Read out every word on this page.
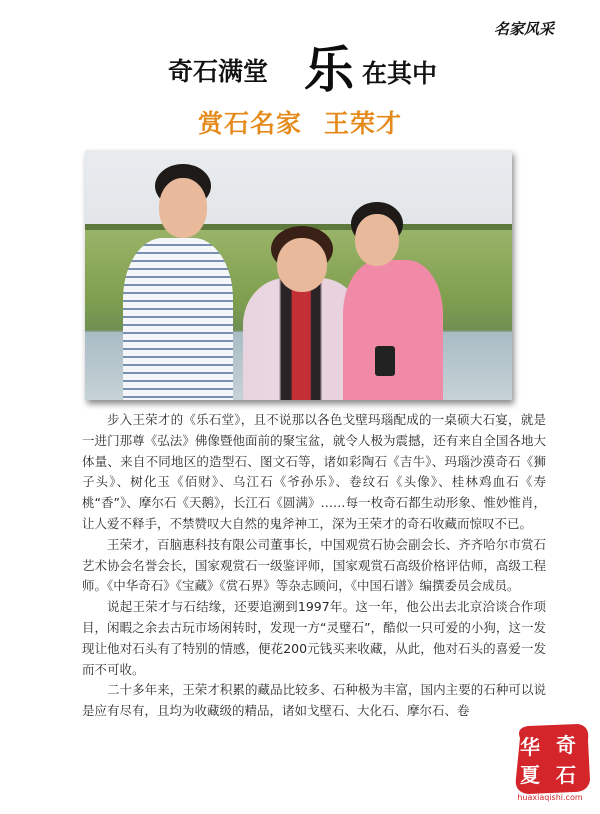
名家风采
奇石满堂 乐 在其中
赏石名家 王荣才

步入王荣才的《乐石堂》，且不说那以各色戈壁玛瑙配成的一桌硕大石宴，就是一进门那尊《弘法》佛像暨他面前的聚宝盆，就令人极为震撼，还有来自全国各地大体量、来自不同地区的造型石、图文石等，诸如彩陶石《吉牛》、玛瑙沙漠奇石《狮子头》、树化玉《佰财》、乌江石《爷孙乐》、卷纹石《头像》、桂林鸡血石《寿桃“香”》、摩尔石《天鹅》，长江石《圆满》……每一枚奇石都生动形象、惟妙惟肖，让人爱不释手，不禁赞叹大自然的鬼斧神工，深为王荣才的奇石收藏而惊叹不已。

王荣才，百脑惠科技有限公司董事长，中国观赏石协会副会长、齐齐哈尔市赏石艺术协会名誉会长，国家观赏石一级鉴评师，国家观赏石高级价格评估师，高级工程师。《中华奇石》《宝藏》《赏石界》等杂志顾问，《中国石谱》编撰委员会成员。

说起王荣才与石结缘，还要追溯到1997年。这一年，他公出去北京洽谈合作项目，闲暇之余去古玩市场闲转时，发现一方“灵璧石”，酷似一只可爱的小狗，这一发现让他对石头有了特别的情感，便花200元钱买来收藏，从此，他对石头的喜爱一发而不可收。

二十多年来，王荣才积累的藏品比较多、石种极为丰富，国内主要的石种可以说是应有尽有，且均为收藏级的精品，诸如戈壁石、大化石、摩尔石、卷

奇
华
夏 石
huaxiaqishi.com
